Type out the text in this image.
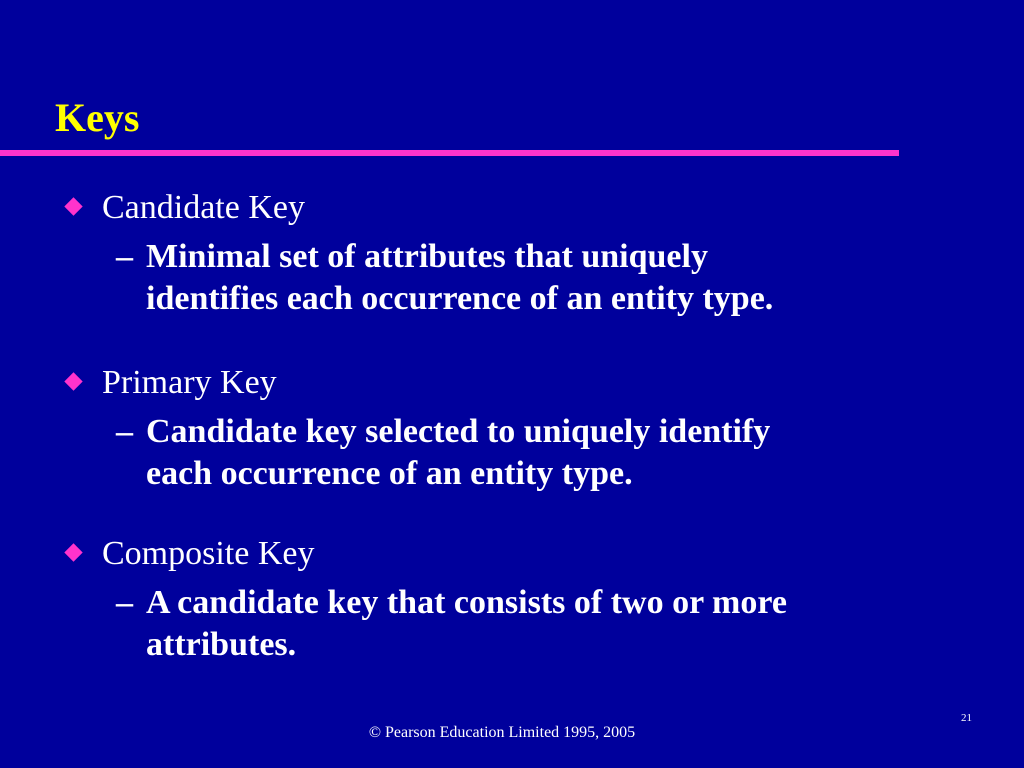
Keys
Candidate Key
– Minimal set of attributes that uniquely
identifies each occurrence of an entity type.
Primary Key
– Candidate key selected to uniquely identify
each occurrence of an entity type.
Composite Key
– A candidate key that consists of two or more
attributes.
21
© Pearson Education Limited 1995, 2005
